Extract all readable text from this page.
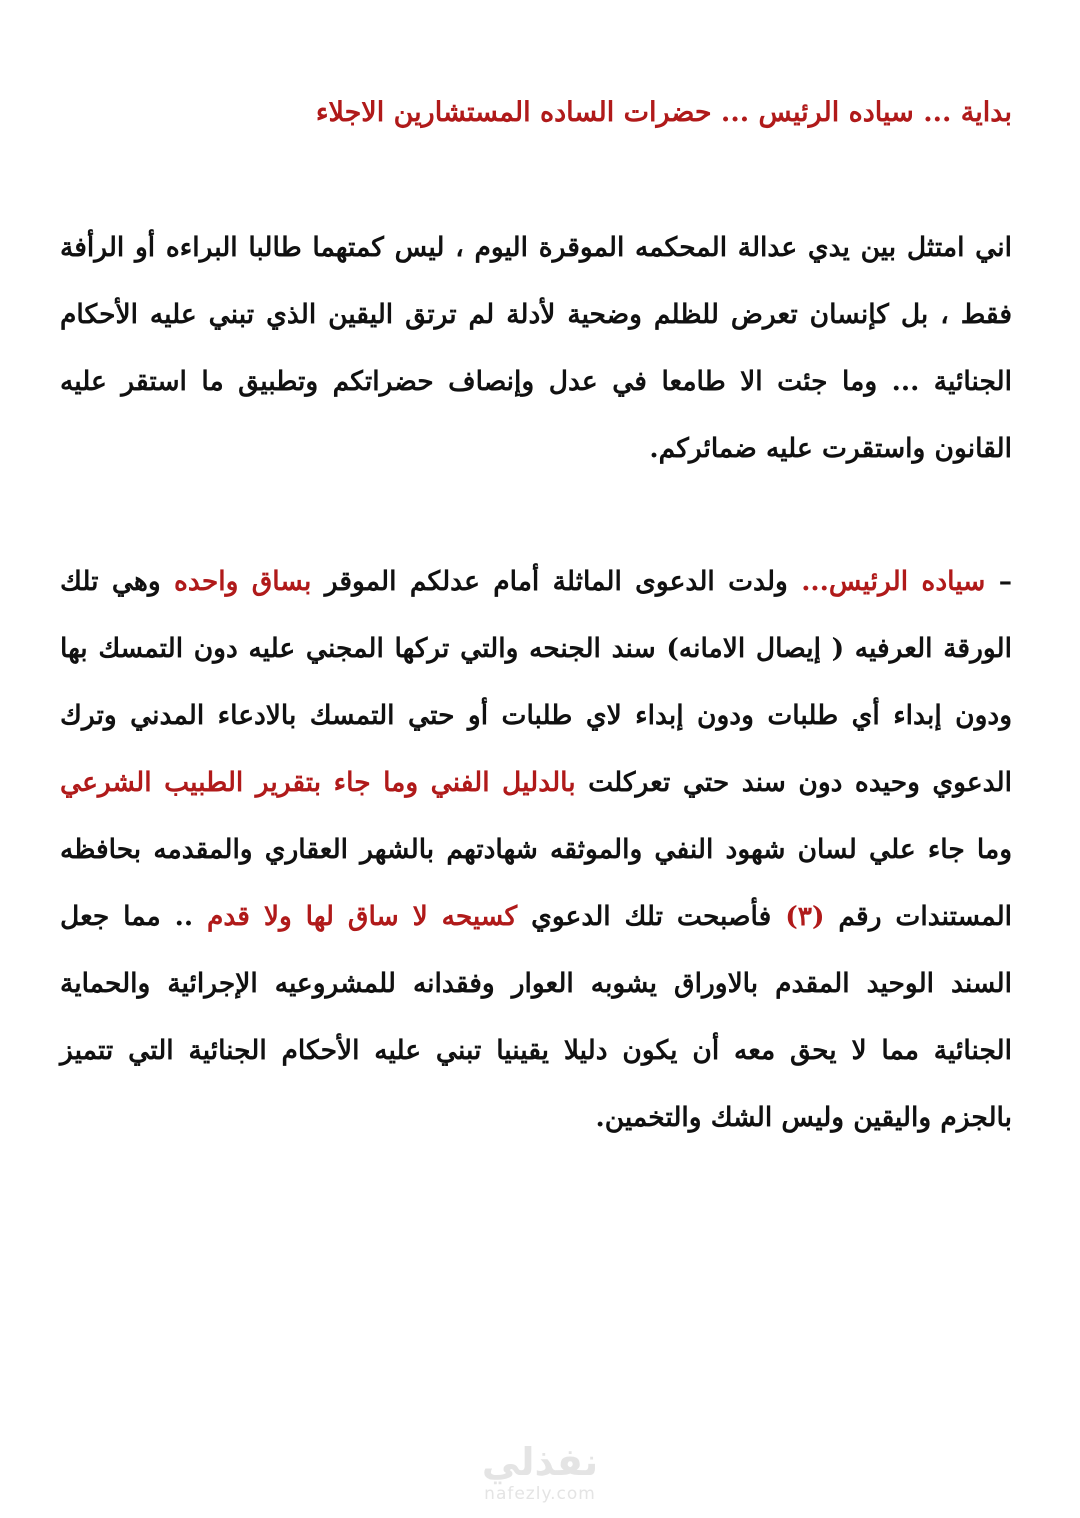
بداية ... سياده الرئيس ... حضرات الساده المستشارين الاجلاء
اني امتثل بين يدي عدالة المحكمه الموقرة اليوم ، ليس كمتهما طالبا البراءه أو الرأفة فقط ، بل كإنسان تعرض للظلم وضحية لأدلة لم ترتق اليقين الذي تبني عليه الأحكام الجنائية ... وما جئت الا طامعا في عدل وإنصاف حضراتكم وتطبيق ما استقر عليه القانون واستقرت عليه ضمائركم.
– سياده الرئيس... ولدت الدعوى الماثلة أمام عدلكم الموقر بساق واحده وهي تلك الورقة العرفيه ( إيصال الامانه) سند الجنحه والتي تركها المجني عليه دون التمسك بها ودون إبداء أي طلبات ودون إبداء لاي طلبات أو حتي التمسك بالادعاء المدني وترك الدعوي وحيده دون سند حتي تعركلت بالدليل الفني وما جاء بتقرير الطبيب الشرعي وما جاء علي لسان شهود النفي والموثقه شهادتهم بالشهر العقاري والمقدمه بحافظه المستندات رقم (٣) فأصبحت تلك الدعوي كسيحه لا ساق لها ولا قدم .. مما جعل السند الوحيد المقدم بالاوراق يشوبه العوار وفقدانه للمشروعيه الإجرائية والحماية الجنائية مما لا يحق معه أن يكون دليلا يقينيا تبني عليه الأحكام الجنائية التي تتميز بالجزم واليقين وليس الشك والتخمين.
نفذلي
nafezly.com
